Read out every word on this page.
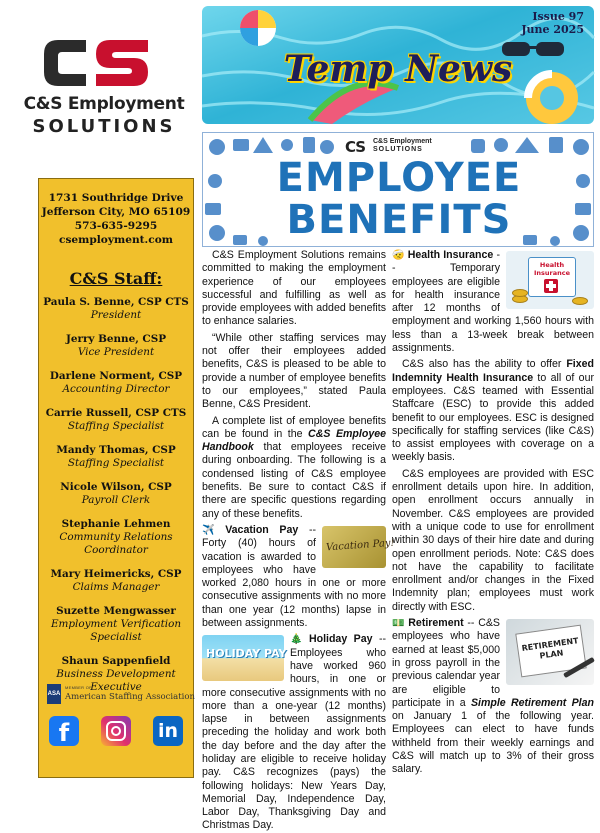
C&S Employment
SOLUTIONS
1731 Southridge Drive
Jefferson City, MO 65109
573-635-9295
csemployment.com
C&S Staff:
Paula S. Benne, CSP CTS
President
Jerry Benne, CSP
Vice President
Darlene Norment, CSP
Accounting Director
Carrie Russell, CSP CTS
Staffing Specialist
Mandy Thomas, CSP
Staffing Specialist
Nicole Wilson, CSP
Payroll Clerk
Stephanie Lehmen
Community Relations Coordinator
Mary Heimericks, CSP
Claims Manager
Suzette Mengwasser
Employment Verification Specialist
Shaun Sappenfield
Business Development Executive
ASA
MEMBER OF
American Staffing Association
f	in
Issue 97
June 2025
Temp News
CS C&S Employment
SOLUTIONS
EMPLOYEE
BENEFITS

C&S Employment Solutions remains committed to making the employment experience of our employees successful and fulfilling as well as provide employees with added benefits to enhance salaries.

“While other staffing services may not offer their employees added benefits, C&S is pleased to be able to provide a number of employee benefits to our employees,” stated Paula Benne, C&S President.

A complete list of employee benefits can be found in the C&S Employee Handbook that employees receive during onboarding. The following is a condensed listing of C&S employee benefits. Be sure to contact C&S if there are specific questions regarding any of these benefits.

Vacation Pay!
✈️ Vacation Pay -- Forty (40) hours of vacation is awarded to employees who have worked 2,080 hours in one or more consecutive assignments with no more than one year (12 months) lapse in between assignments.

🎄 Holiday Pay
HOLIDAY PAY
-- Employees who have worked 960 hours, in one or more consecutive assignments with no more than a one-year (12 months) lapse in between assignments preceding the holiday and work both the day before and the day after the holiday are eligible to receive holiday pay. C&S recognizes (pays) the following holidays: New Years Day, Memorial Day, Independence Day, Labor Day, Thanksgiving Day and Christmas Day.

Health Insurance
🤕 Health Insurance -- Temporary employees are eligible for health insurance after 12 months of employment and working 1,560 hours with less than a 13-week break between assignments.

C&S also has the ability to offer Fixed Indemnity Health Insurance to all of our employees. C&S teamed with Essential Staffcare (ESC) to provide this added benefit to our employees. ESC is designed specifically for staffing services (like C&S) to assist employees with coverage on a weekly basis.

C&S employees are provided with ESC enrollment details upon hire. In addition, open enrollment occurs annually in November. C&S employees are provided with a unique code to use for enrollment within 30 days of their hire date and during open enrollment periods. Note: C&S does not have the capability to facilitate enrollment and/or changes in the Fixed Indemnity plan; employees must work directly with ESC.

RETIREMENT PLAN
💵 Retirement -- C&S employees who have earned at least $5,000 in gross payroll in the previous calendar year are eligible to participate in a Simple Retirement Plan on January 1 of the following year. Employees can elect to have funds withheld from their weekly earnings and C&S will match up to 3% of their gross salary.
